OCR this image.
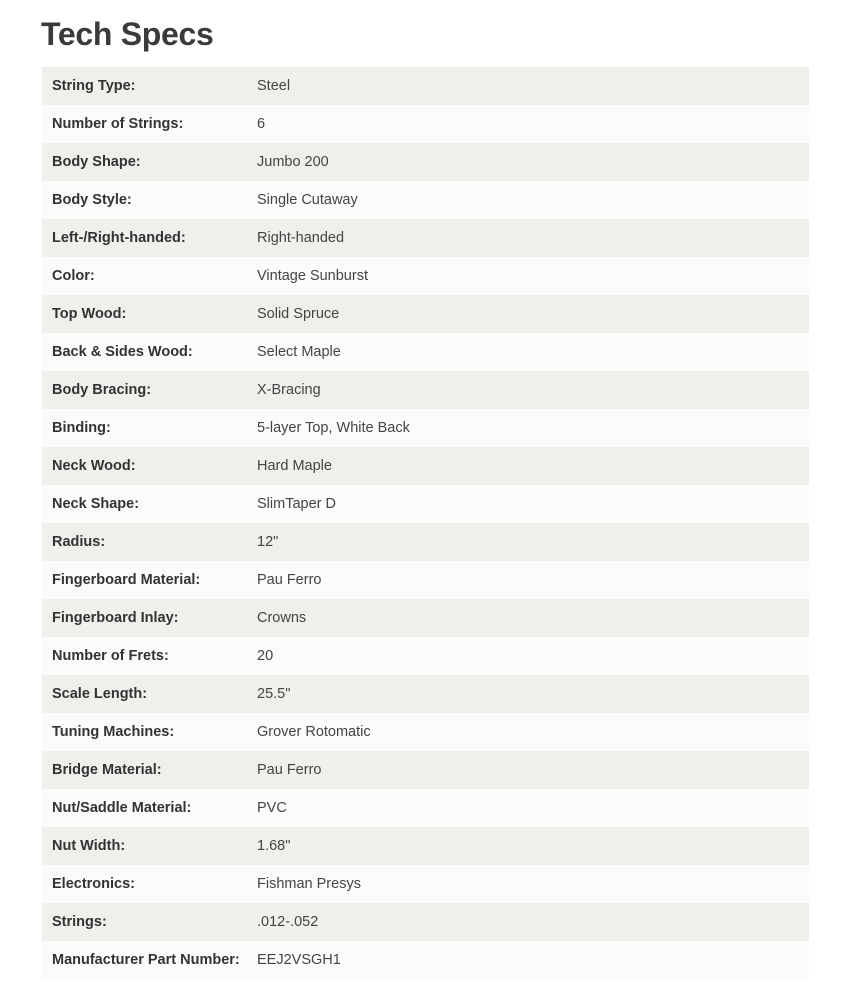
Tech Specs
String Type:	Steel
Number of Strings:	6
Body Shape:	Jumbo 200
Body Style:	Single Cutaway
Left-/Right-handed:	Right-handed
Color:	Vintage Sunburst
Top Wood:	Solid Spruce
Back & Sides Wood:	Select Maple
Body Bracing:	X-Bracing
Binding:	5-layer Top, White Back
Neck Wood:	Hard Maple
Neck Shape:	SlimTaper D
Radius:	12"
Fingerboard Material:	Pau Ferro
Fingerboard Inlay:	Crowns
Number of Frets:	20
Scale Length:	25.5"
Tuning Machines:	Grover Rotomatic
Bridge Material:	Pau Ferro
Nut/Saddle Material:	PVC
Nut Width:	1.68"
Electronics:	Fishman Presys
Strings:	.012-.052
Manufacturer Part Number:	EEJ2VSGH1
